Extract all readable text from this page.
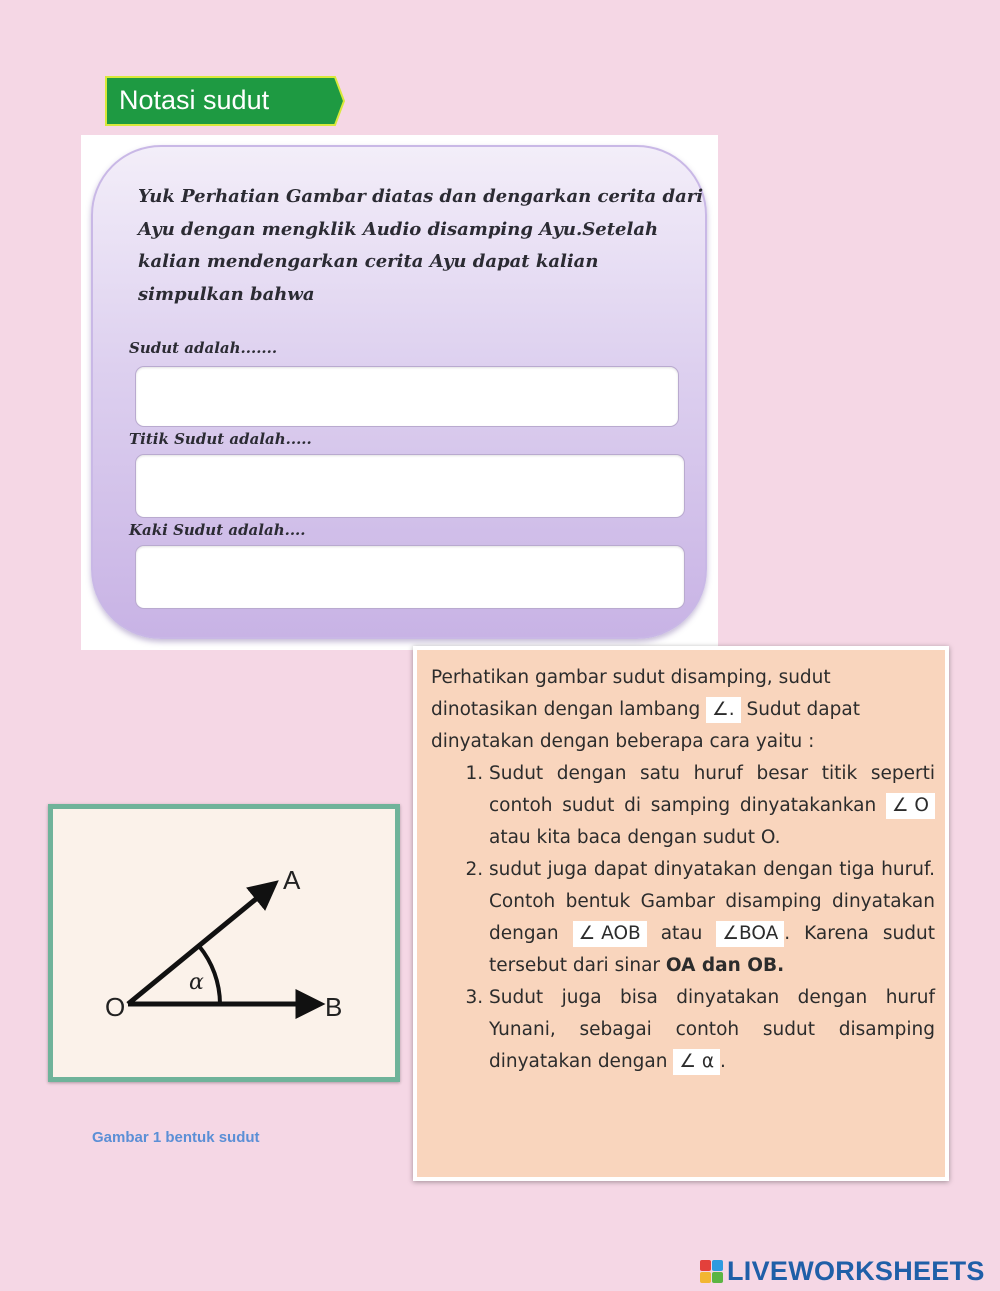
Notasi sudut
Yuk Perhatian Gambar diatas dan dengarkan cerita dari Ayu dengan mengklik Audio disamping Ayu.Setelah kalian mendengarkan cerita Ayu dapat kalian simpulkan bahwa
Sudut adalah.......
Titik Sudut adalah.....
Kaki Sudut adalah....
A
B
O
α
Gambar 1 bentuk sudut

Perhatikan gambar sudut disamping, sudut dinotasikan dengan lambang ∠. Sudut dapat dinyatakan dengan beberapa cara yaitu :

1. Sudut dengan satu huruf besar titik seperti contoh sudut di samping dinyatakankan ∠ O atau kita baca dengan sudut O.
2. sudut juga dapat dinyatakan dengan tiga huruf. Contoh bentuk Gambar disamping dinyatakan dengan ∠ AOB atau ∠BOA . Karena sudut tersebut dari sinar OA dan OB.
3. Sudut juga bisa dinyatakan dengan huruf Yunani, sebagai contoh sudut disamping dinyatakan dengan ∠ α .
LIVEWORKSHEETS
